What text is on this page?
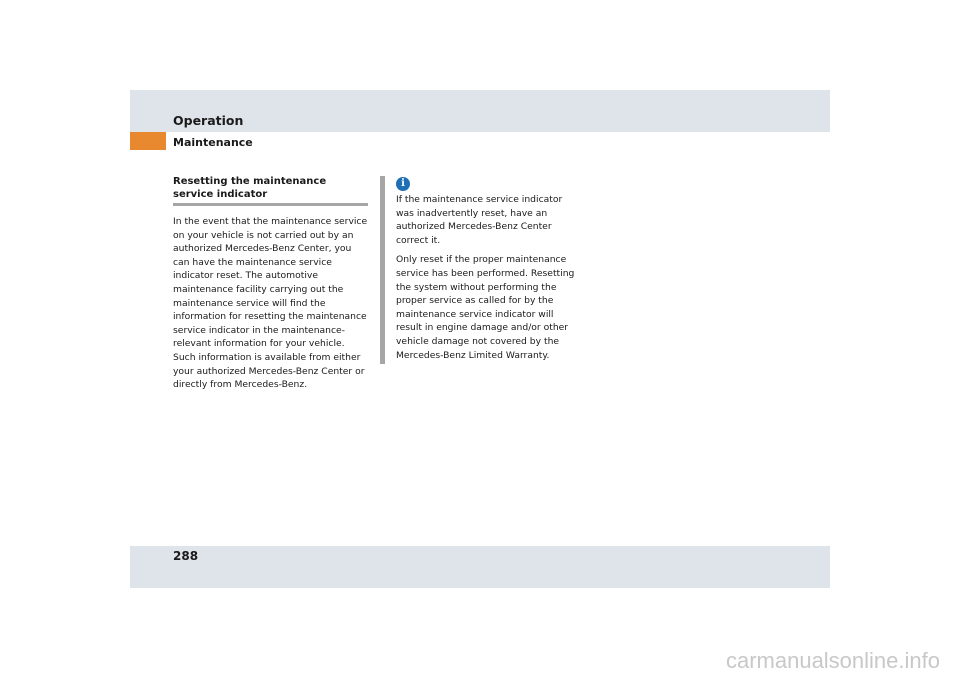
Operation
Maintenance
Resetting the maintenance service indicator

In the event that the maintenance service on your vehicle is not carried out by an authorized Mercedes-Benz Center, you can have the maintenance service indicator reset. The automotive maintenance facility carrying out the maintenance service will find the information for resetting the maintenance service indicator in the maintenance-relevant information for your vehicle. Such information is available from either your authorized Mercedes-Benz Center or directly from Mercedes-Benz.

i

If the maintenance service indicator was inadvertently reset, have an authorized Mercedes-Benz Center correct it.

Only reset if the proper maintenance service has been performed. Resetting the system without performing the proper service as called for by the maintenance service indicator will result in engine damage and/or other vehicle damage not covered by the Mercedes-Benz Limited Warranty.

288
carmanualsonline.info
